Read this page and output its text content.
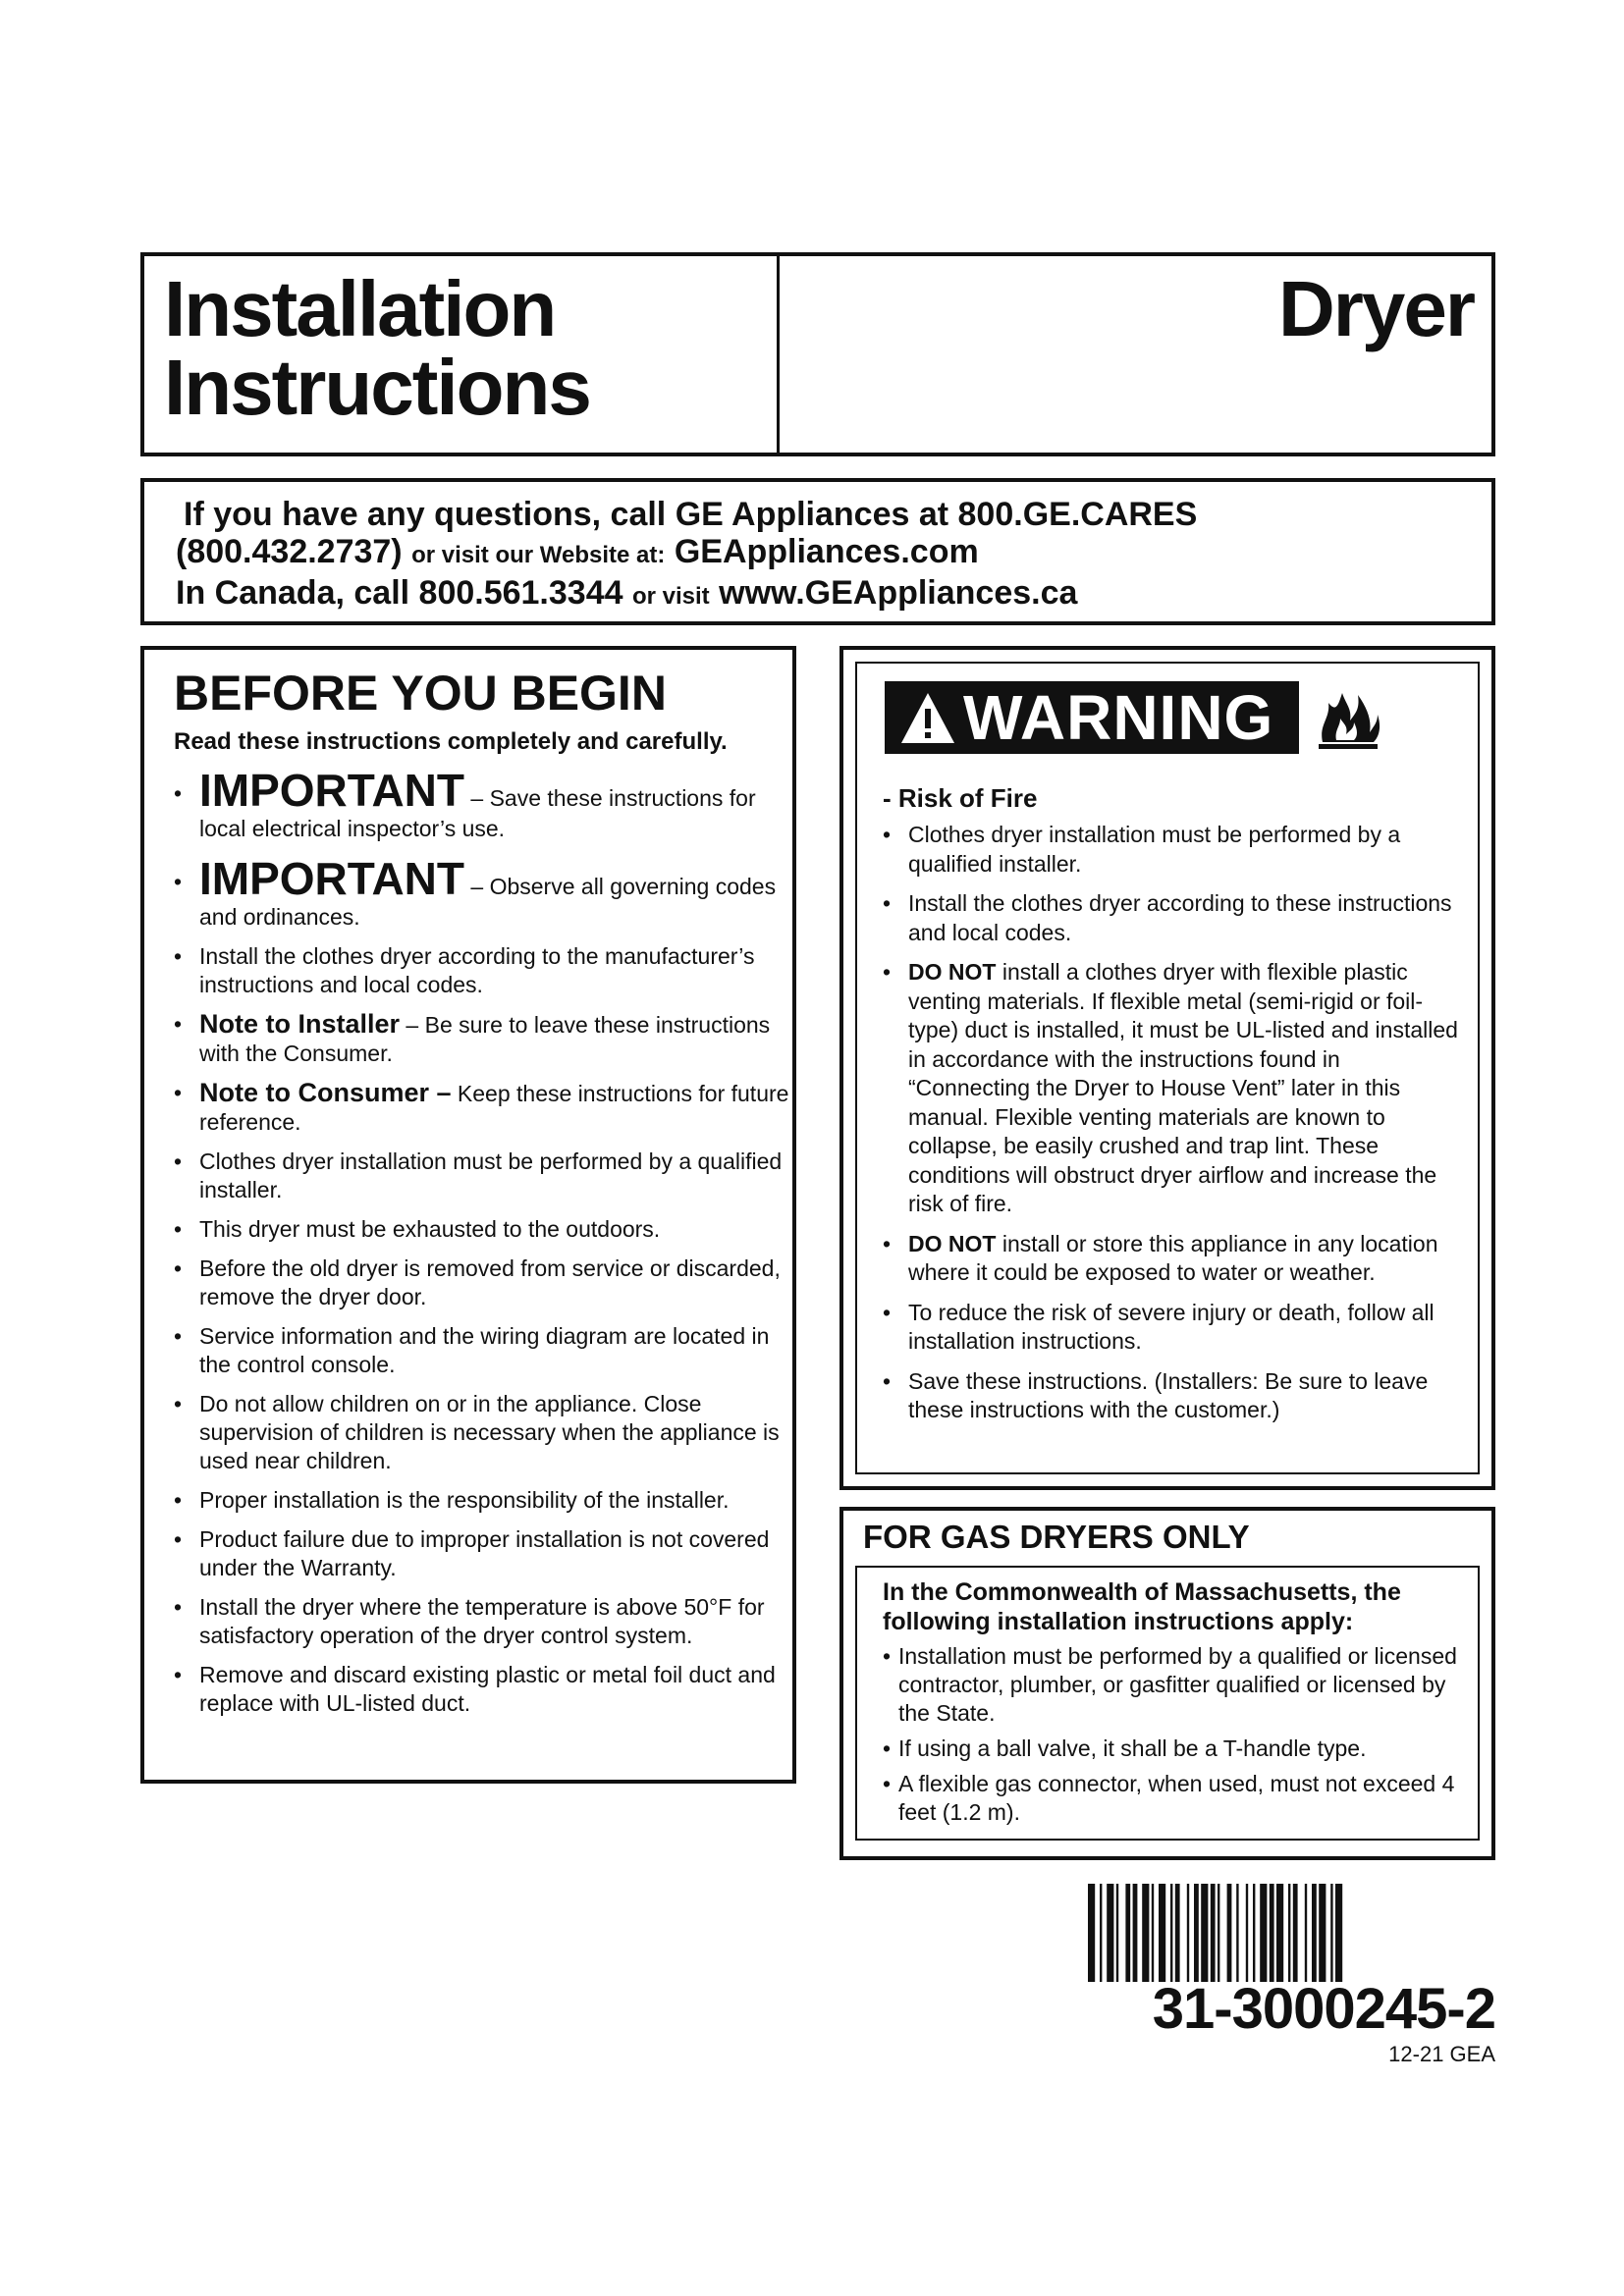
Installation
Instructions
Dryer
If you have any questions, call GE Appliances at 800.GE.CARES
(800.432.2737) or visit our Website at: GEAppliances.com
In Canada, call 800.561.3344 or visit www.GEAppliances.ca
BEFORE YOU BEGIN
Read these instructions completely and carefully.
• IMPORTANT – Save these instructions for local electrical inspector’s use.
• IMPORTANT – Observe all governing codes and ordinances.
• Install the clothes dryer according to the manufacturer’s instructions and local codes.
• Note to Installer – Be sure to leave these instructions with the Consumer.
• Note to Consumer – Keep these instructions for future reference.
• Clothes dryer installation must be performed by a qualified installer.
• This dryer must be exhausted to the outdoors.
• Before the old dryer is removed from service or discarded, remove the dryer door.
• Service information and the wiring diagram are located in the control console.
• Do not allow children on or in the appliance. Close supervision of children is necessary when the appliance is used near children.
• Proper installation is the responsibility of the installer.
• Product failure due to improper installation is not covered under the Warranty.
• Install the dryer where the temperature is above 50°F for satisfactory operation of the dryer control system.
• Remove and discard existing plastic or metal foil duct and replace with UL-listed duct.
WARNING
- Risk of Fire
• Clothes dryer installation must be performed by a qualified installer.
• Install the clothes dryer according to these instructions and local codes.
• DO NOT install a clothes dryer with flexible plastic venting materials. If flexible metal (semi-rigid or foil-type) duct is installed, it must be UL-listed and installed in accordance with the instructions found in “Connecting the Dryer to House Vent” later in this manual. Flexible venting materials are known to collapse, be easily crushed and trap lint. These conditions will obstruct dryer airflow and increase the risk of fire.
• DO NOT install or store this appliance in any location where it could be exposed to water or weather.
• To reduce the risk of severe injury or death, follow all installation instructions.
• Save these instructions. (Installers: Be sure to leave these instructions with the customer.)
FOR GAS DRYERS ONLY
In the Commonwealth of Massachusetts, the following installation instructions apply:
• Installation must be performed by a qualified or licensed contractor, plumber, or gasfitter qualified or licensed by the State.
• If using a ball valve, it shall be a T-handle type.
• A flexible gas connector, when used, must not exceed 4 feet (1.2 m).
31-3000245-2
12-21 GEA
